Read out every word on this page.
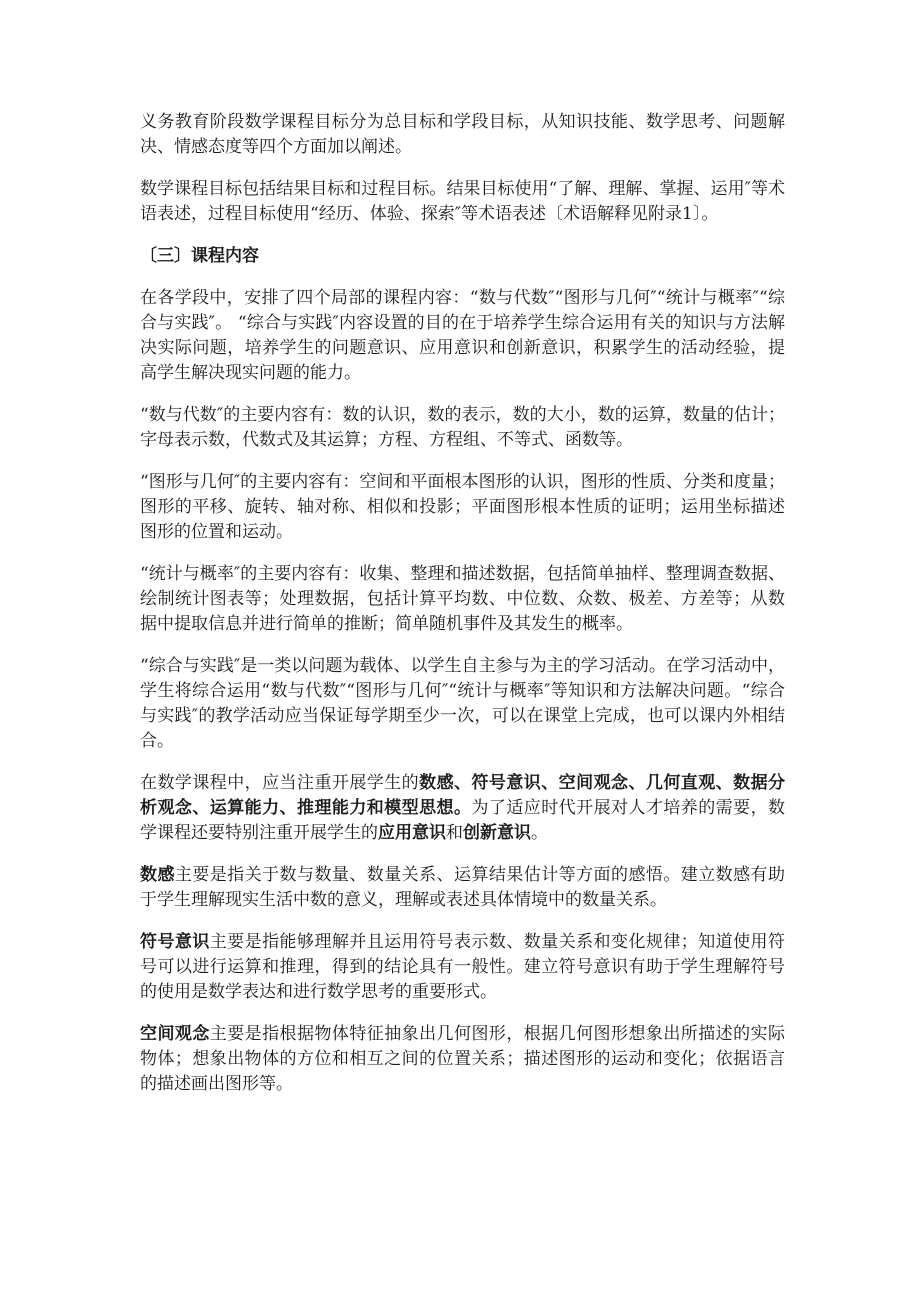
义务教育阶段数学课程目标分为总目标和学段目标，从知识技能、数学思考、问题解决、情感态度等四个方面加以阐述。

数学课程目标包括结果目标和过程目标。结果目标使用“了解、理解、掌握、运用″等术语表述，过程目标使用“经历、体验、探索″等术语表述〔术语解释见附录1〕。

〔三〕课程内容

在各学段中，安排了四个局部的课程内容：“数与代数″“图形与几何″“统计与概率″“综合与实践″。 “综合与实践″内容设置的目的在于培养学生综合运用有关的知识与方法解决实际问题，培养学生的问题意识、应用意识和创新意识，积累学生的活动经验，提高学生解决现实问题的能力。

“数与代数″的主要内容有：数的认识，数的表示，数的大小，数的运算，数量的估计；字母表示数，代数式及其运算；方程、方程组、不等式、函数等。

“图形与几何″的主要内容有：空间和平面根本图形的认识，图形的性质、分类和度量；图形的平移、旋转、轴对称、相似和投影；平面图形根本性质的证明；运用坐标描述图形的位置和运动。

“统计与概率″的主要内容有：收集、整理和描述数据，包括简单抽样、整理调查数据、绘制统计图表等；处理数据，包括计算平均数、中位数、众数、极差、方差等；从数据中提取信息并进行简单的推断；简单随机事件及其发生的概率。

“综合与实践″是一类以问题为载体、以学生自主参与为主的学习活动。在学习活动中，学生将综合运用“数与代数″“图形与几何″“统计与概率″等知识和方法解决问题。“综合与实践″的教学活动应当保证每学期至少一次，可以在课堂上完成，也可以课内外相结合。

在数学课程中，应当注重开展学生的数感、符号意识、空间观念、几何直观、数据分析观念、运算能力、推理能力和模型思想。为了适应时代开展对人才培养的需要，数学课程还要特别注重开展学生的应用意识和创新意识。

数感主要是指关于数与数量、数量关系、运算结果估计等方面的感悟。建立数感有助于学生理解现实生活中数的意义，理解或表述具体情境中的数量关系。

符号意识主要是指能够理解并且运用符号表示数、数量关系和变化规律；知道使用符号可以进行运算和推理，得到的结论具有一般性。建立符号意识有助于学生理解符号的使用是数学表达和进行数学思考的重要形式。

空间观念主要是指根据物体特征抽象出几何图形，根据几何图形想象出所描述的实际物体；想象出物体的方位和相互之间的位置关系；描述图形的运动和变化；依据语言的描述画出图形等。
